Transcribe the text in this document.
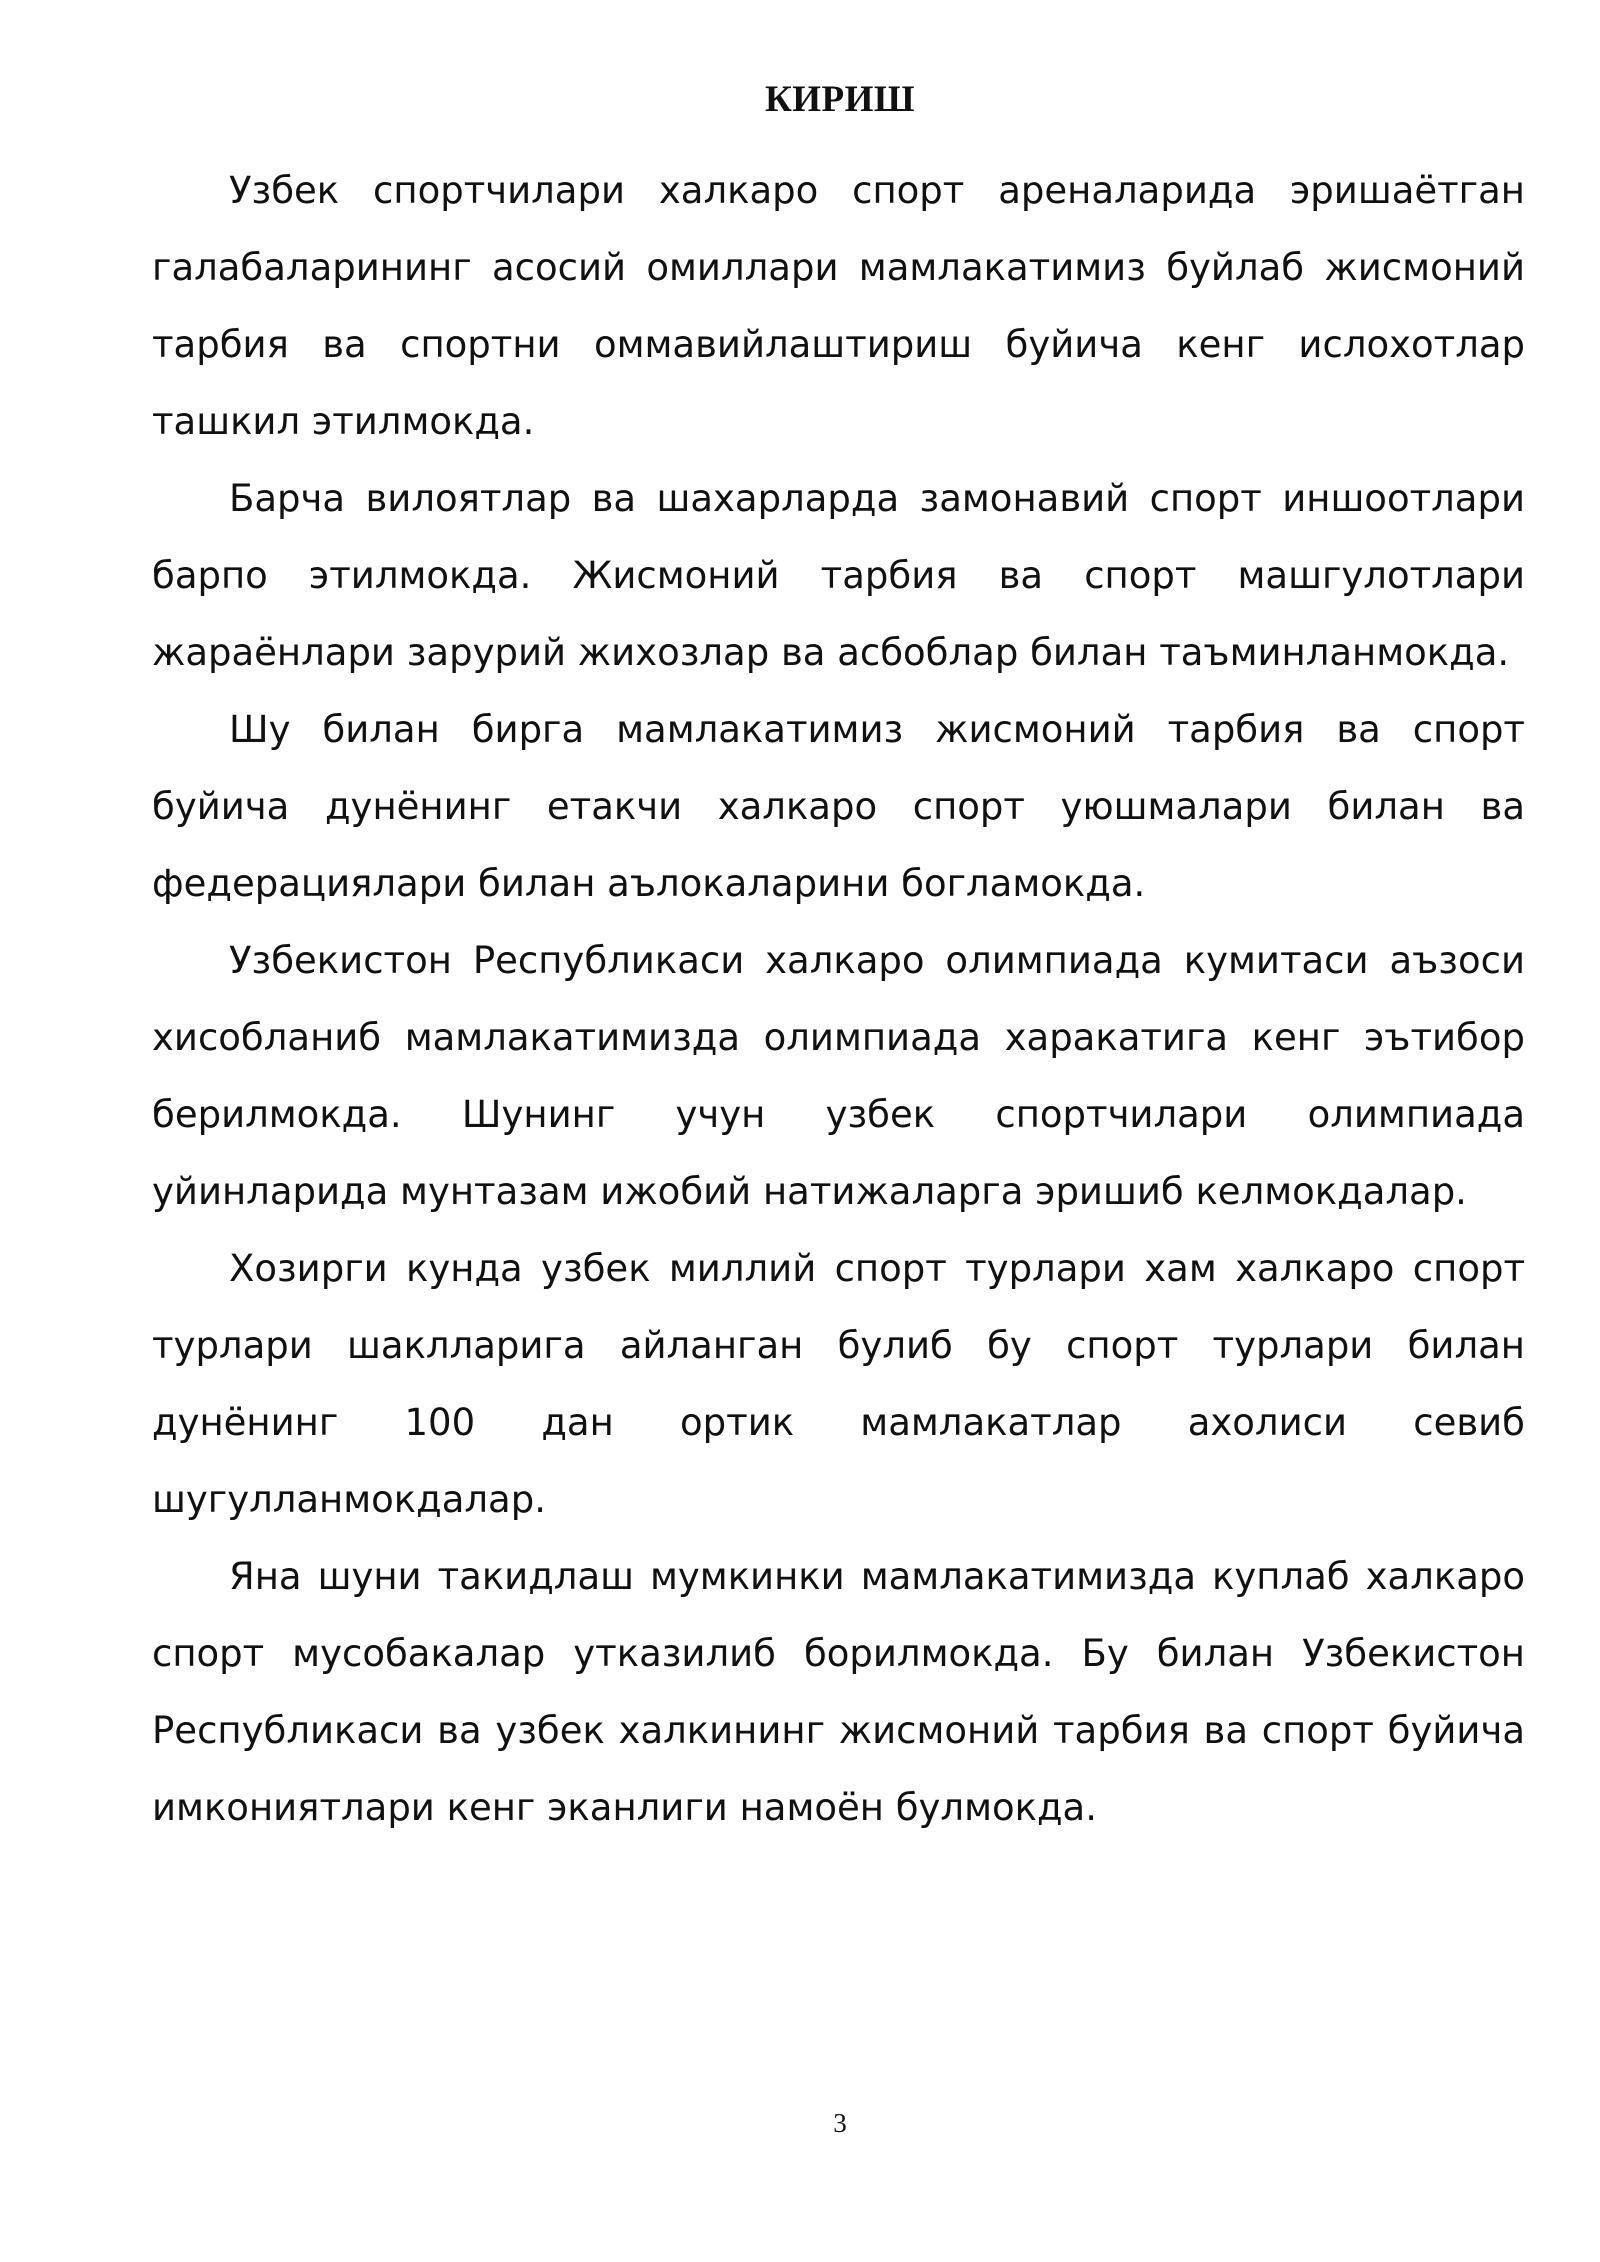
КИРИШ

Узбек спортчилари халкаро спорт ареналарида эришаётган галабаларининг асосий омиллари мамлакатимиз буйлаб жисмоний тарбия ва спортни оммавийлаштириш буйича кенг ислохотлар ташкил этилмокда.

Барча вилоятлар ва шахарларда замонавий спорт иншоотлари барпо этилмокда. Жисмоний тарбия ва спорт машгулотлари жараёнлари зарурий жихозлар ва асбоблар билан таъминланмокда.

Шу билан бирга мамлакатимиз жисмоний тарбия ва спорт буйича дунёнинг етакчи халкаро спорт уюшмалари билан ва федерациялари билан аълокаларини богламокда.

Узбекистон Республикаси халкаро олимпиада кумитаси аъзоси хисобланиб мамлакатимизда олимпиада харакатига кенг эътибор берилмокда. Шунинг учун узбек спортчилари олимпиада уйинларида мунтазам ижобий натижаларга эришиб келмокдалар.

Хозирги кунда узбек миллий спорт турлари хам халкаро спорт турлари шаклларига айланган булиб бу спорт турлари билан дунёнинг 100 дан ортик мамлакатлар ахолиси севиб шугулланмокдалар.

Яна шуни такидлаш мумкинки мамлакатимизда куплаб халкаро спорт мусобакалар утказилиб борилмокда. Бу билан Узбекистон Республикаси ва узбек халкининг жисмоний тарбия ва спорт буйича имкониятлари кенг эканлиги намоён булмокда.

3
